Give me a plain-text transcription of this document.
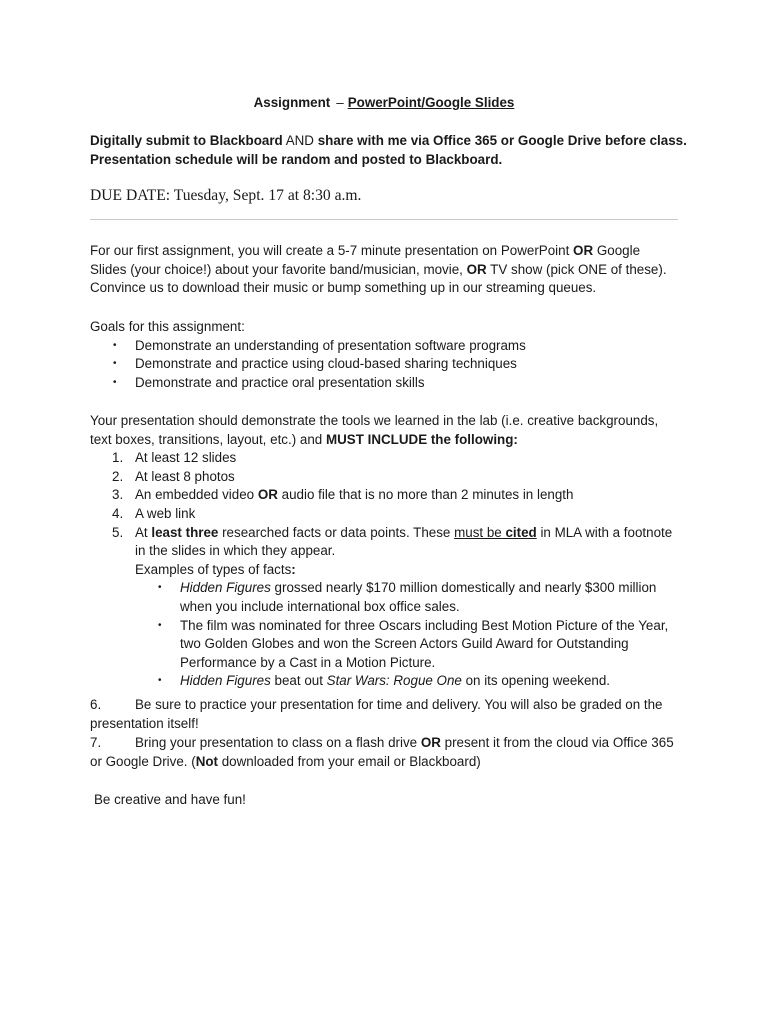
Assignment – PowerPoint/Google Slides
Digitally submit to Blackboard AND share with me via Office 365 or Google Drive before class.
Presentation schedule will be random and posted to Blackboard.
DUE DATE: Tuesday, Sept. 17 at 8:30 a.m.
For our first assignment, you will create a 5-7 minute presentation on PowerPoint OR Google Slides (your choice!) about your favorite band/musician, movie, OR TV show (pick ONE of these). Convince us to download their music or bump something up in our streaming queues.
Goals for this assignment:
• Demonstrate an understanding of presentation software programs
• Demonstrate and practice using cloud-based sharing techniques
• Demonstrate and practice oral presentation skills
Your presentation should demonstrate the tools we learned in the lab (i.e. creative backgrounds, text boxes, transitions, layout, etc.) and MUST INCLUDE the following:
1. At least 12 slides
2. At least 8 photos
3. An embedded video OR audio file that is no more than 2 minutes in length
4. A web link
5. At least three researched facts or data points. These must be cited in MLA with a footnote in the slides in which they appear.
Examples of types of facts:
• Hidden Figures grossed nearly $170 million domestically and nearly $300 million when you include international box office sales.
• The film was nominated for three Oscars including Best Motion Picture of the Year, two Golden Globes and won the Screen Actors Guild Award for Outstanding Performance by a Cast in a Motion Picture.
• Hidden Figures beat out Star Wars: Rogue One on its opening weekend.
6.	Be sure to practice your presentation for time and delivery. You will also be graded on the presentation itself!
7.	Bring your presentation to class on a flash drive OR present it from the cloud via Office 365 or Google Drive. (Not downloaded from your email or Blackboard)
Be creative and have fun!
